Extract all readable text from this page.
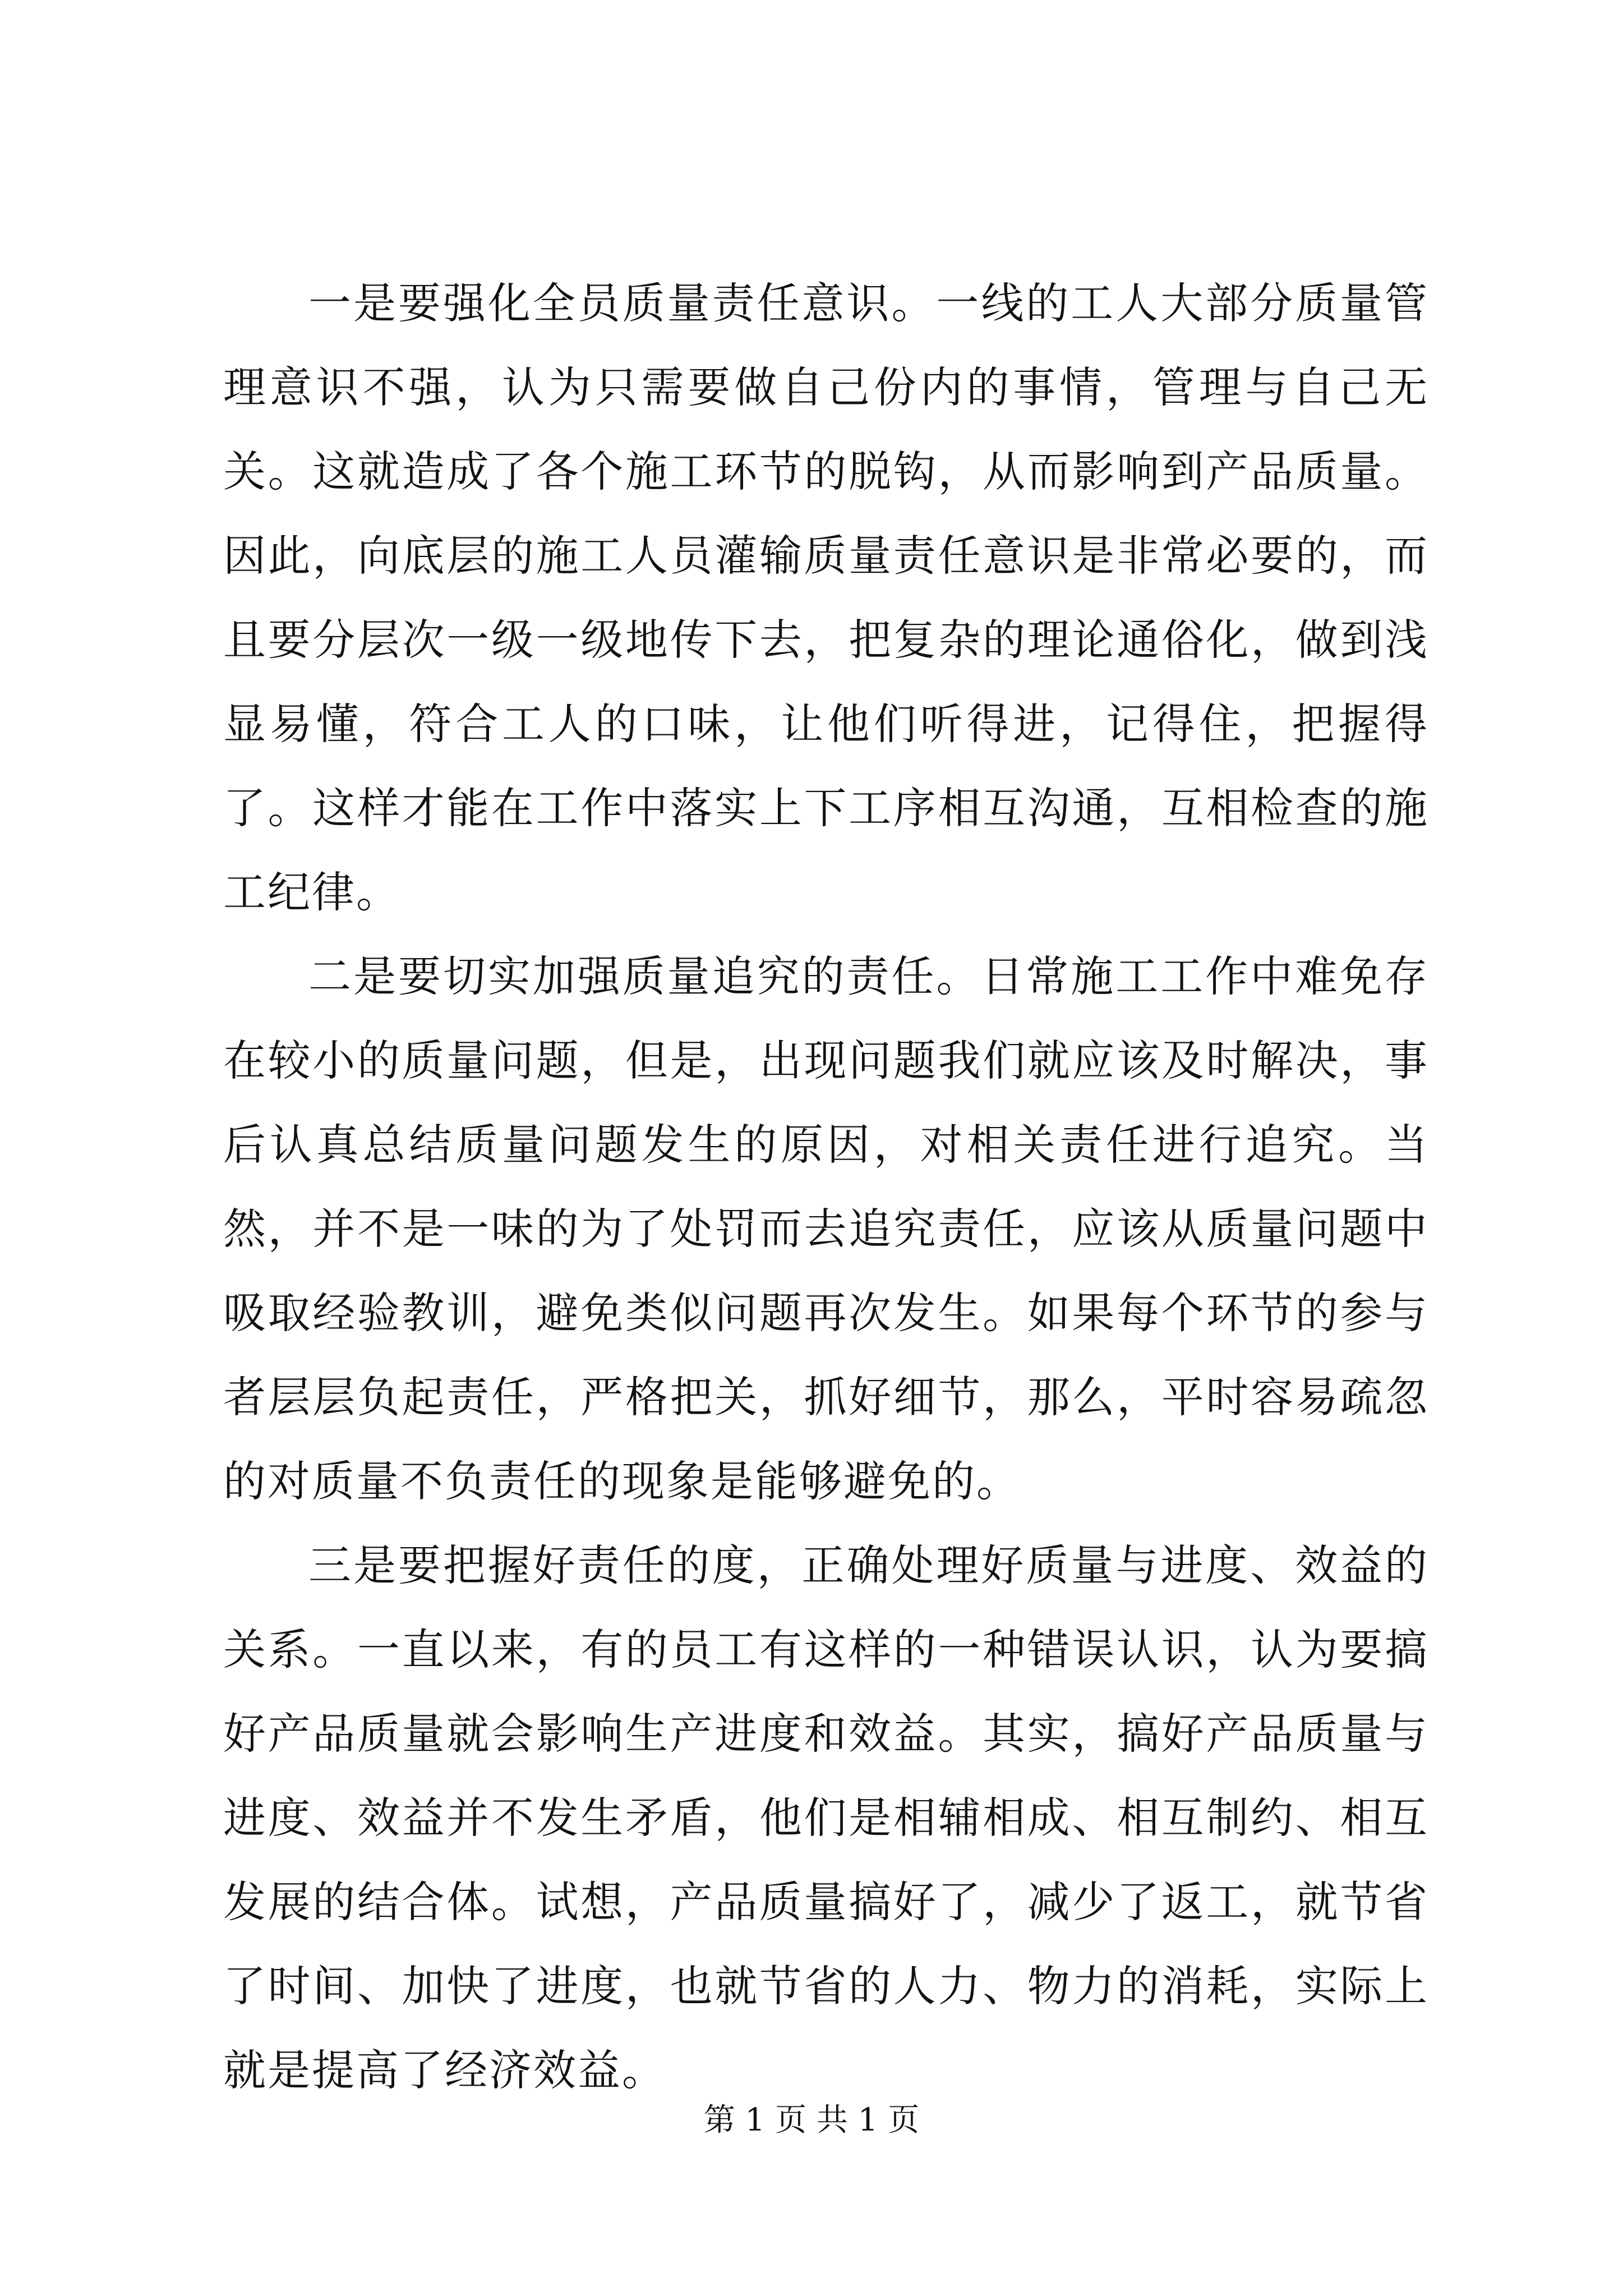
一是要强化全员质量责任意识。一线的工人大部分质量管理意识不强，认为只需要做自己份内的事情，管理与自己无关。这就造成了各个施工环节的脱钩，从而影响到产品质量。因此，向底层的施工人员灌输质量责任意识是非常必要的，而且要分层次一级一级地传下去，把复杂的理论通俗化，做到浅显易懂，符合工人的口味，让他们听得进，记得住，把握得了。这样才能在工作中落实上下工序相互沟通，互相检查的施工纪律。

二是要切实加强质量追究的责任。日常施工工作中难免存在较小的质量问题，但是，出现问题我们就应该及时解决，事后认真总结质量问题发生的原因，对相关责任进行追究。当然，并不是一味的为了处罚而去追究责任，应该从质量问题中吸取经验教训，避免类似问题再次发生。如果每个环节的参与者层层负起责任，严格把关，抓好细节，那么，平时容易疏忽的对质量不负责任的现象是能够避免的。

三是要把握好责任的度，正确处理好质量与进度、效益的关系。一直以来，有的员工有这样的一种错误认识，认为要搞好产品质量就会影响生产进度和效益。其实，搞好产品质量与进度、效益并不发生矛盾，他们是相辅相成、相互制约、相互发展的结合体。试想，产品质量搞好了，减少了返工，就节省了时间、加快了进度，也就节省的人力、物力的消耗，实际上就是提高了经济效益。

第 1 页 共 1 页
